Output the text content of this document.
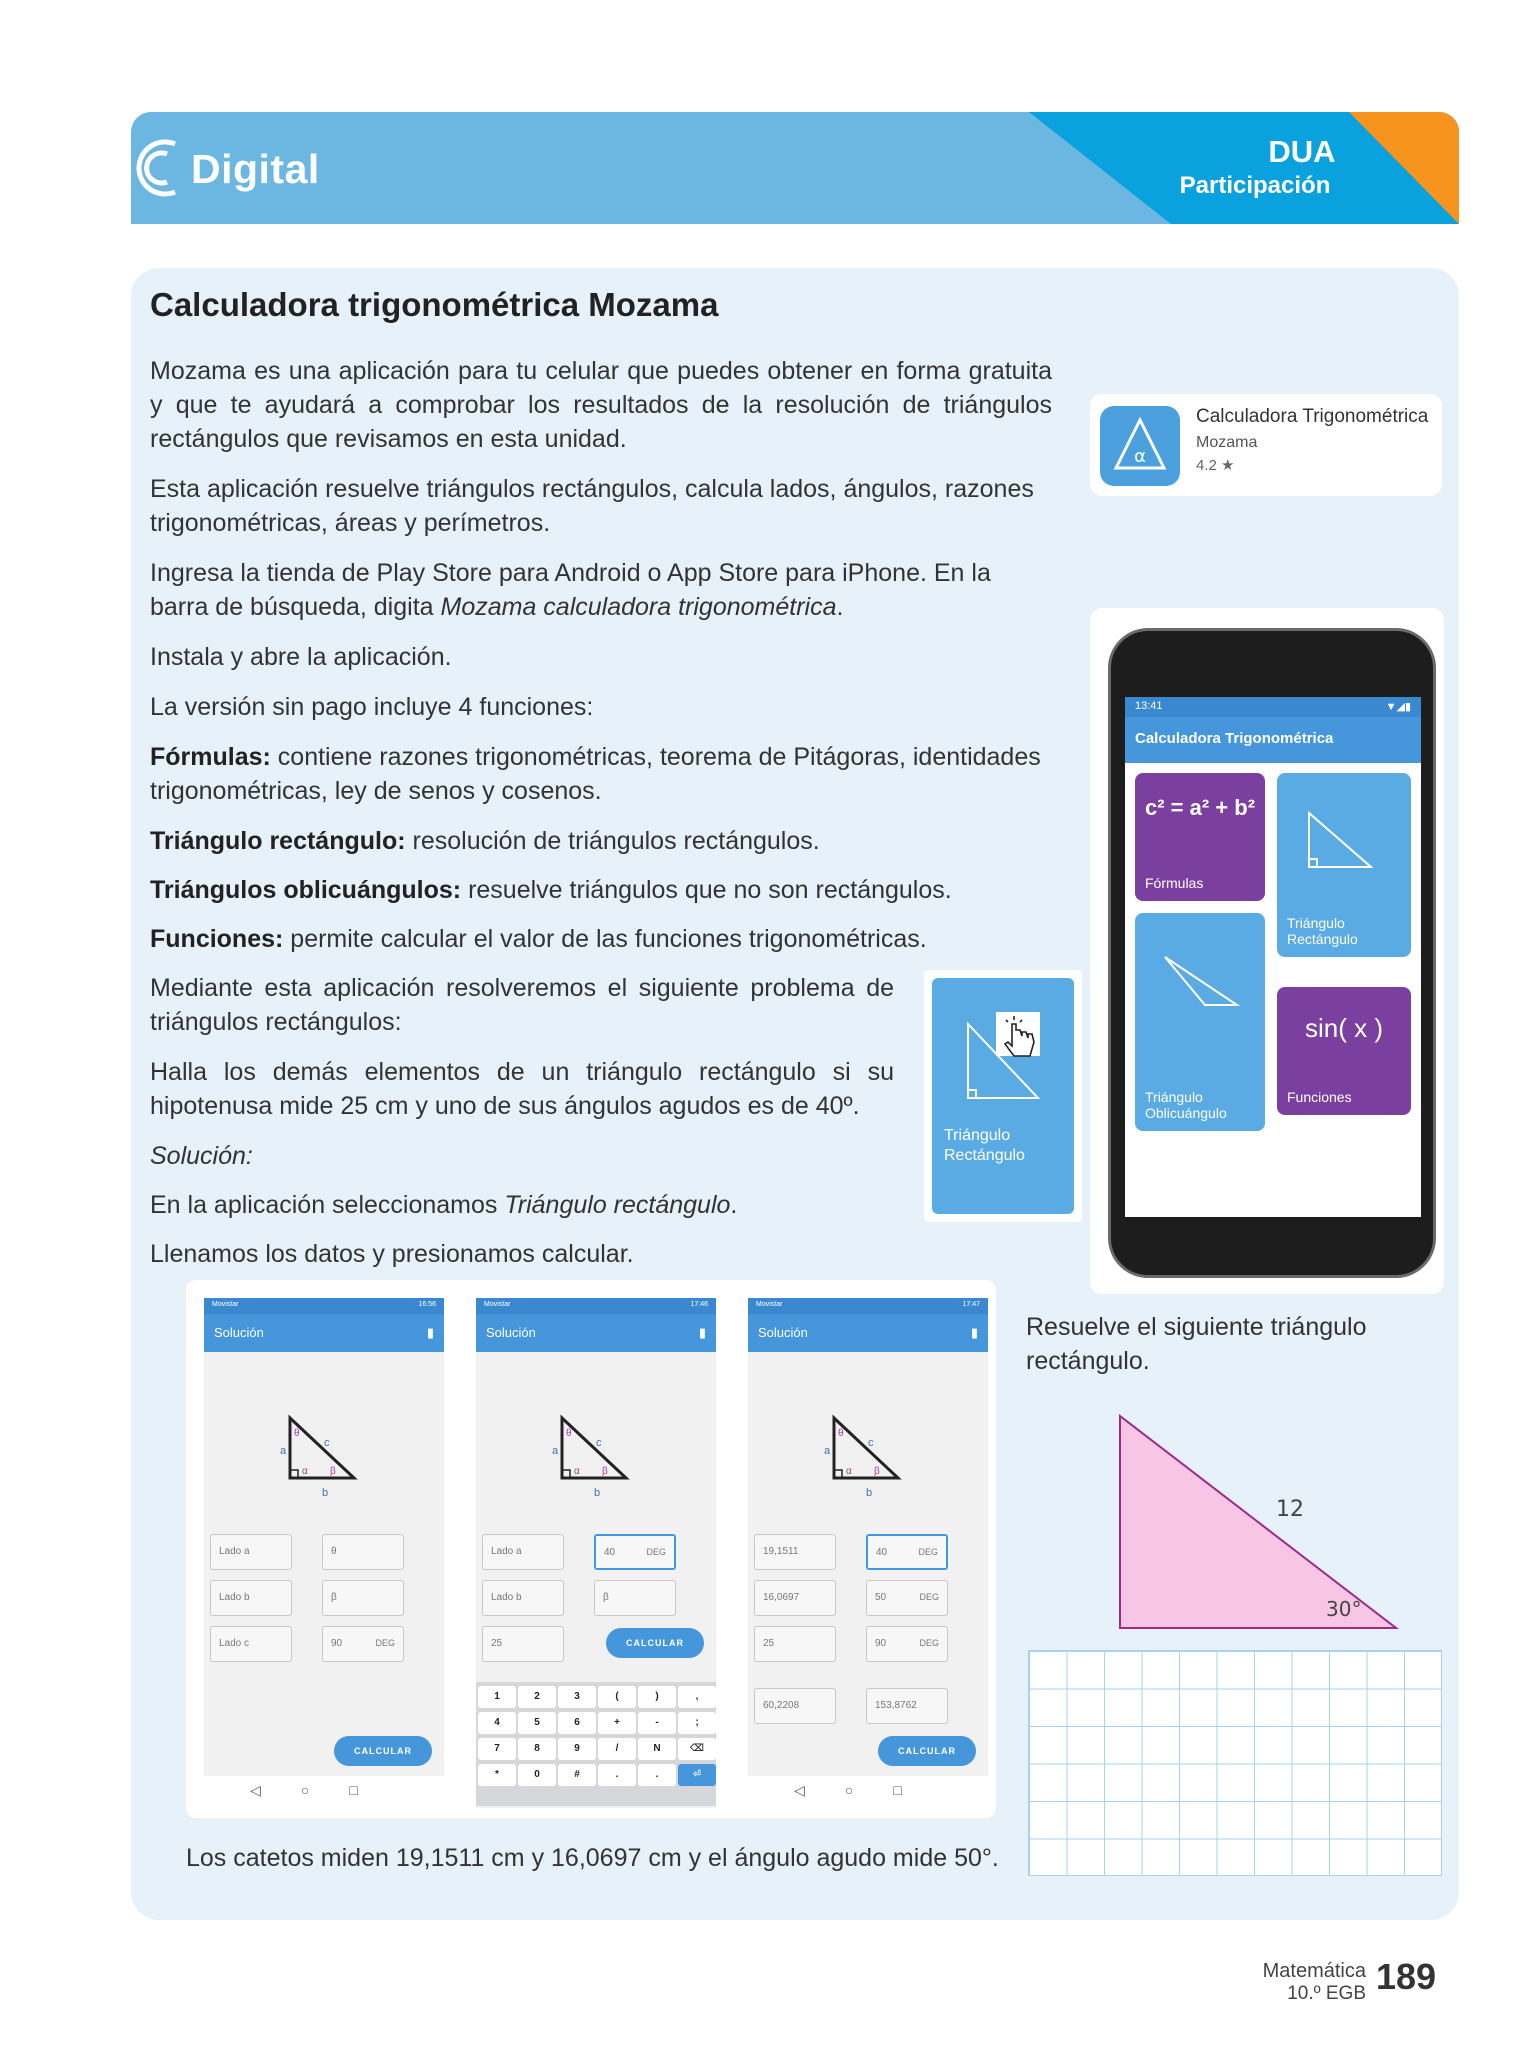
Digital	DUA
Participación
Calculadora trigonométrica Mozama

Mozama es una aplicación para tu celular que puedes obtener en forma gratuita y que te ayudará a comprobar los resultados de la resolución de triángulos rectángulos que revisamos en esta unidad.

Esta aplicación resuelve triángulos rectángulos, calcula lados, ángulos, razones trigonométricas, áreas y perímetros.

Ingresa la tienda de Play Store para Android o App Store para iPhone. En la barra de búsqueda, digita Mozama calculadora trigonométrica.

Instala y abre la aplicación.

La versión sin pago incluye 4 funciones:

Fórmulas: contiene razones trigonométricas, teorema de Pitágoras, identidades trigonométricas, ley de senos y cosenos.

Triángulo rectángulo: resolución de triángulos rectángulos.

Triángulos oblicuángulos: resuelve triángulos que no son rectángulos.

Funciones: permite calcular el valor de las funciones trigonométricas.

Mediante esta aplicación resolveremos el siguiente problema de triángulos rectángulos:

Halla los demás elementos de un triángulo rectángulo si su hipotenusa mide 25 cm y uno de sus ángulos agudos es de 40º.

Solución:

En la aplicación seleccionamos Triángulo rectángulo.

Llenamos los datos y presionamos calcular.

α
Calculadora Trigonométrica
Mozama
4.2 ★
13:41	▼◢▮
Calculadora Trigonométrica
c² = a² + b²
Fórmulas
Triángulo
Rectángulo
Triángulo
Oblicuángulo
sin( x )
Funciones
Triángulo
Rectángulo
Movistar	16:56
Solución	▮
a
b
c
θ
α β
Lado a	θ
Lado b	β
Lado c	90	DEG
CALCULAR
◁○□
Movistar	17:46
Solución	▮
a
b
c
θ
α β
Lado a	40	DEG
Lado b	β
25	CALCULAR
1	2	3	(	)	,
4	5	6	+	-	;
7	8	9	/	N	⌫
*	0	#	.	.	⏎
Movistar	17:47
Solución	▮
a
b
c
θ
α β
19,1511	40	DEG
16,0697	50	DEG
25	90	DEG
60,2208	153,8762
CALCULAR
◁○□

Los catetos miden 19,1511 cm y 16,0697 cm y el ángulo agudo mide 50°.

Resuelve el siguiente triángulo rectángulo.

12
30°
Matemática
10.º EGB 189
